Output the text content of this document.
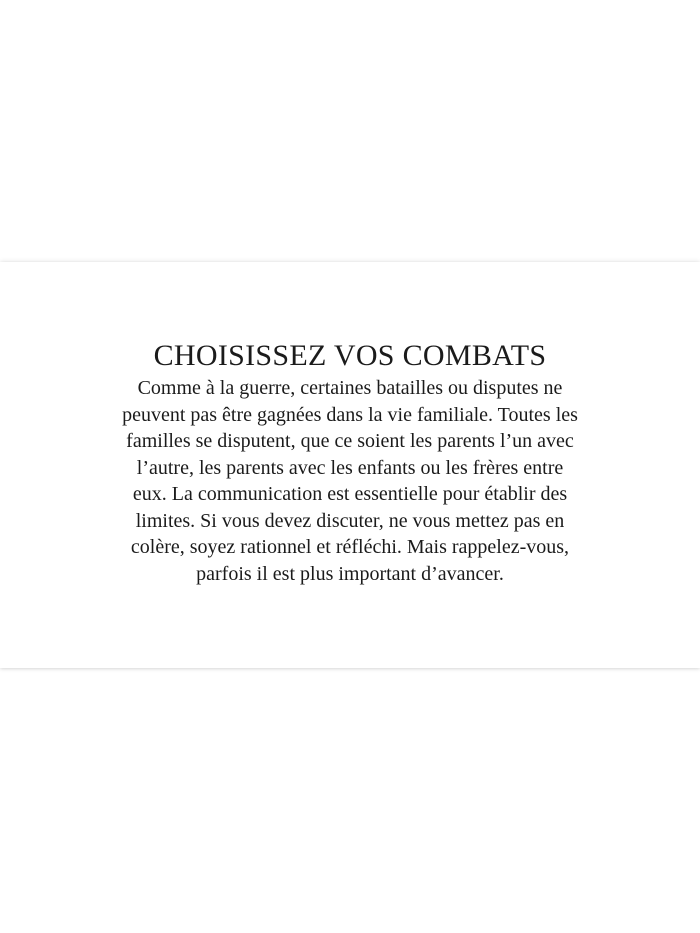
CHOISISSEZ VOS COMBATS

Comme à la guerre, certaines batailles ou disputes ne
peuvent pas être gagnées dans la vie familiale. Toutes les
familles se disputent, que ce soient les parents l’un avec
l’autre, les parents avec les enfants ou les frères entre
eux. La communication est essentielle pour établir des
limites. Si vous devez discuter, ne vous mettez pas en
colère, soyez rationnel et réfléchi. Mais rappelez-vous,
parfois il est plus important d’avancer.
